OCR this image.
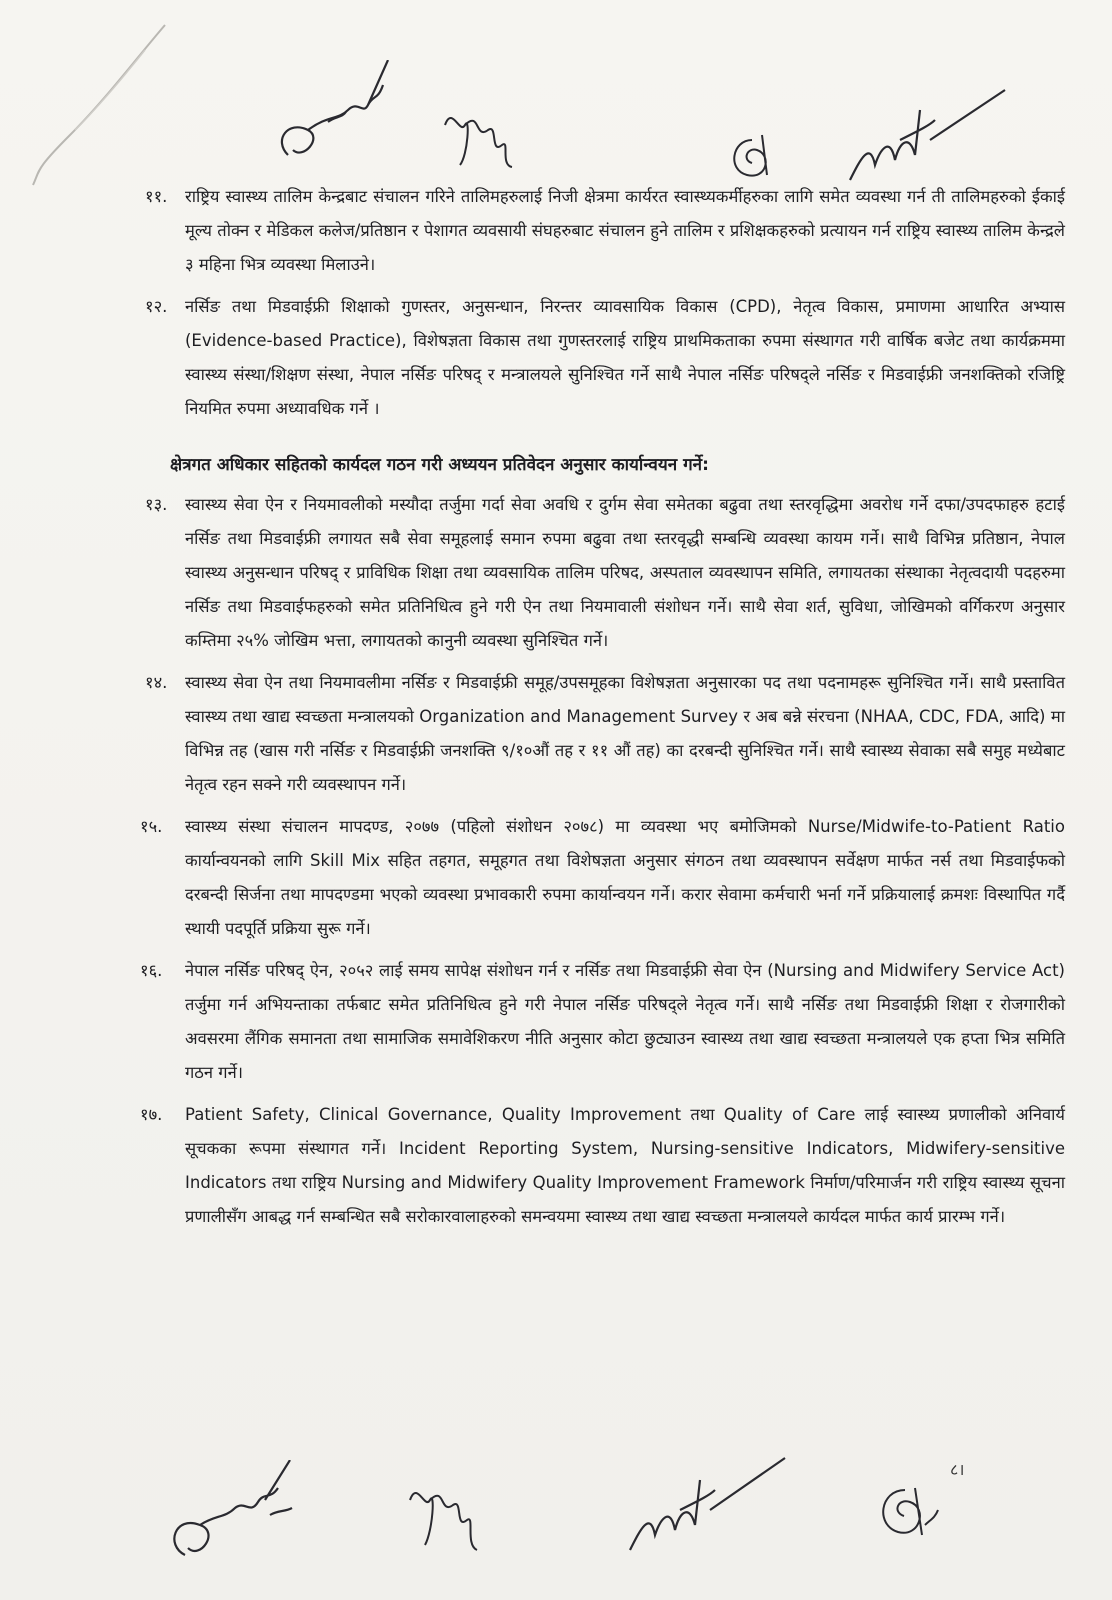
११. राष्ट्रिय स्वास्थ्य तालिम केन्द्रबाट संचालन गरिने तालिमहरुलाई निजी क्षेत्रमा कार्यरत स्वास्थ्यकर्मीहरुका लागि समेत व्यवस्था गर्न ती तालिमहरुको ईकाई मूल्य तोक्न र मेडिकल कलेज/प्रतिष्ठान र पेशागत व्यवसायी संघहरुबाट संचालन हुने तालिम र प्रशिक्षकहरुको प्रत्यायन गर्न राष्ट्रिय स्वास्थ्य तालिम केन्द्रले ३ महिना भित्र व्यवस्था मिलाउने।
१२. नर्सिङ तथा मिडवाईफ्री शिक्षाको गुणस्तर, अनुसन्धान, निरन्तर व्यावसायिक विकास (CPD), नेतृत्व विकास, प्रमाणमा आधारित अभ्यास (Evidence-based Practice), विशेषज्ञता विकास तथा गुणस्तरलाई राष्ट्रिय प्राथमिकताका रुपमा संस्थागत गरी वार्षिक बजेट तथा कार्यक्रममा स्वास्थ्य संस्था/शिक्षण संस्था, नेपाल नर्सिङ परिषद् र मन्त्रालयले सुनिश्चित गर्ने साथै नेपाल नर्सिङ परिषद्ले नर्सिङ र मिडवाईफ्री जनशक्तिको रजिष्ट्रि नियमित रुपमा अध्यावधिक गर्ने ।
क्षेत्रगत अधिकार सहितको कार्यदल गठन गरी अध्ययन प्रतिवेदन अनुसार कार्यान्वयन गर्ने:
१३. स्वास्थ्य सेवा ऐन र नियमावलीको मस्यौदा तर्जुमा गर्दा सेवा अवधि र दुर्गम सेवा समेतका बढुवा तथा स्तरवृद्धिमा अवरोध गर्ने दफा/उपदफाहरु हटाई नर्सिङ तथा मिडवाईफ्री लगायत सबै सेवा समूहलाई समान रुपमा बढुवा तथा स्तरवृद्धी सम्बन्धि व्यवस्था कायम गर्ने। साथै विभिन्न प्रतिष्ठान, नेपाल स्वास्थ्य अनुसन्धान परिषद् र प्राविधिक शिक्षा तथा व्यवसायिक तालिम परिषद, अस्पताल व्यवस्थापन समिति, लगायतका संस्थाका नेतृत्वदायी पदहरुमा नर्सिङ तथा मिडवाईफहरुको समेत प्रतिनिधित्व हुने गरी ऐन तथा नियमावाली संशोधन गर्ने। साथै सेवा शर्त, सुविधा, जोखिमको वर्गिकरण अनुसार कम्तिमा २५% जोखिम भत्ता, लगायतको कानुनी व्यवस्था सुनिश्चित गर्ने।
१४. स्वास्थ्य सेवा ऐन तथा नियमावलीमा नर्सिङ र मिडवाईफ्री समूह/उपसमूहका विशेषज्ञता अनुसारका पद तथा पदनामहरू सुनिश्चित गर्ने। साथै प्रस्तावित स्वास्थ्य तथा खाद्य स्वच्छता मन्त्रालयको Organization and Management Survey र अब बन्ने संरचना (NHAA, CDC, FDA, आदि) मा विभिन्न तह (खास गरी नर्सिङ र मिडवाईफ्री जनशक्ति ९/१०औं तह र ११ औं तह) का दरबन्दी सुनिश्चित गर्ने। साथै स्वास्थ्य सेवाका सबै समुह मध्येबाट नेतृत्व रहन सक्ने गरी व्यवस्थापन गर्ने।
१५. स्वास्थ्य संस्था संचालन मापदण्ड, २०७७ (पहिलो संशोधन २०७८) मा व्यवस्था भए बमोजिमको Nurse/Midwife-to-Patient Ratio कार्यान्वयनको लागि Skill Mix सहित तहगत, समूहगत तथा विशेषज्ञता अनुसार संगठन तथा व्यवस्थापन सर्वेक्षण मार्फत नर्स तथा मिडवाईफको दरबन्दी सिर्जना तथा मापदण्डमा भएको व्यवस्था प्रभावकारी रुपमा कार्यान्वयन गर्ने। करार सेवामा कर्मचारी भर्ना गर्ने प्रक्रियालाई क्रमशः विस्थापित गर्दै स्थायी पदपूर्ति प्रक्रिया सुरू गर्ने।
१६. नेपाल नर्सिङ परिषद् ऐन, २०५२ लाई समय सापेक्ष संशोधन गर्न र नर्सिङ तथा मिडवाईफ्री सेवा ऐन (Nursing and Midwifery Service Act) तर्जुमा गर्न अभियन्ताका तर्फबाट समेत प्रतिनिधित्व हुने गरी नेपाल नर्सिङ परिषद्ले नेतृत्व गर्ने। साथै नर्सिङ तथा मिडवाईफ्री शिक्षा र रोजगारीको अवसरमा लैंगिक समानता तथा सामाजिक समावेशिकरण नीति अनुसार कोटा छुट्याउन स्वास्थ्य तथा खाद्य स्वच्छता मन्त्रालयले एक हप्ता भित्र समिति गठन गर्ने।
१७. Patient Safety, Clinical Governance, Quality Improvement तथा Quality of Care लाई स्वास्थ्य प्रणालीको अनिवार्य सूचकका रूपमा संस्थागत गर्ने। Incident Reporting System, Nursing-sensitive Indicators, Midwifery-sensitive Indicators तथा राष्ट्रिय Nursing and Midwifery Quality Improvement Framework निर्माण/परिमार्जन गरी राष्ट्रिय स्वास्थ्य सूचना प्रणालीसँग आबद्ध गर्न सम्बन्धित सबै सरोकारवालाहरुको समन्वयमा स्वास्थ्य तथा खाद्य स्वच्छता मन्त्रालयले कार्यदल मार्फत कार्य प्रारम्भ गर्ने।
८।
